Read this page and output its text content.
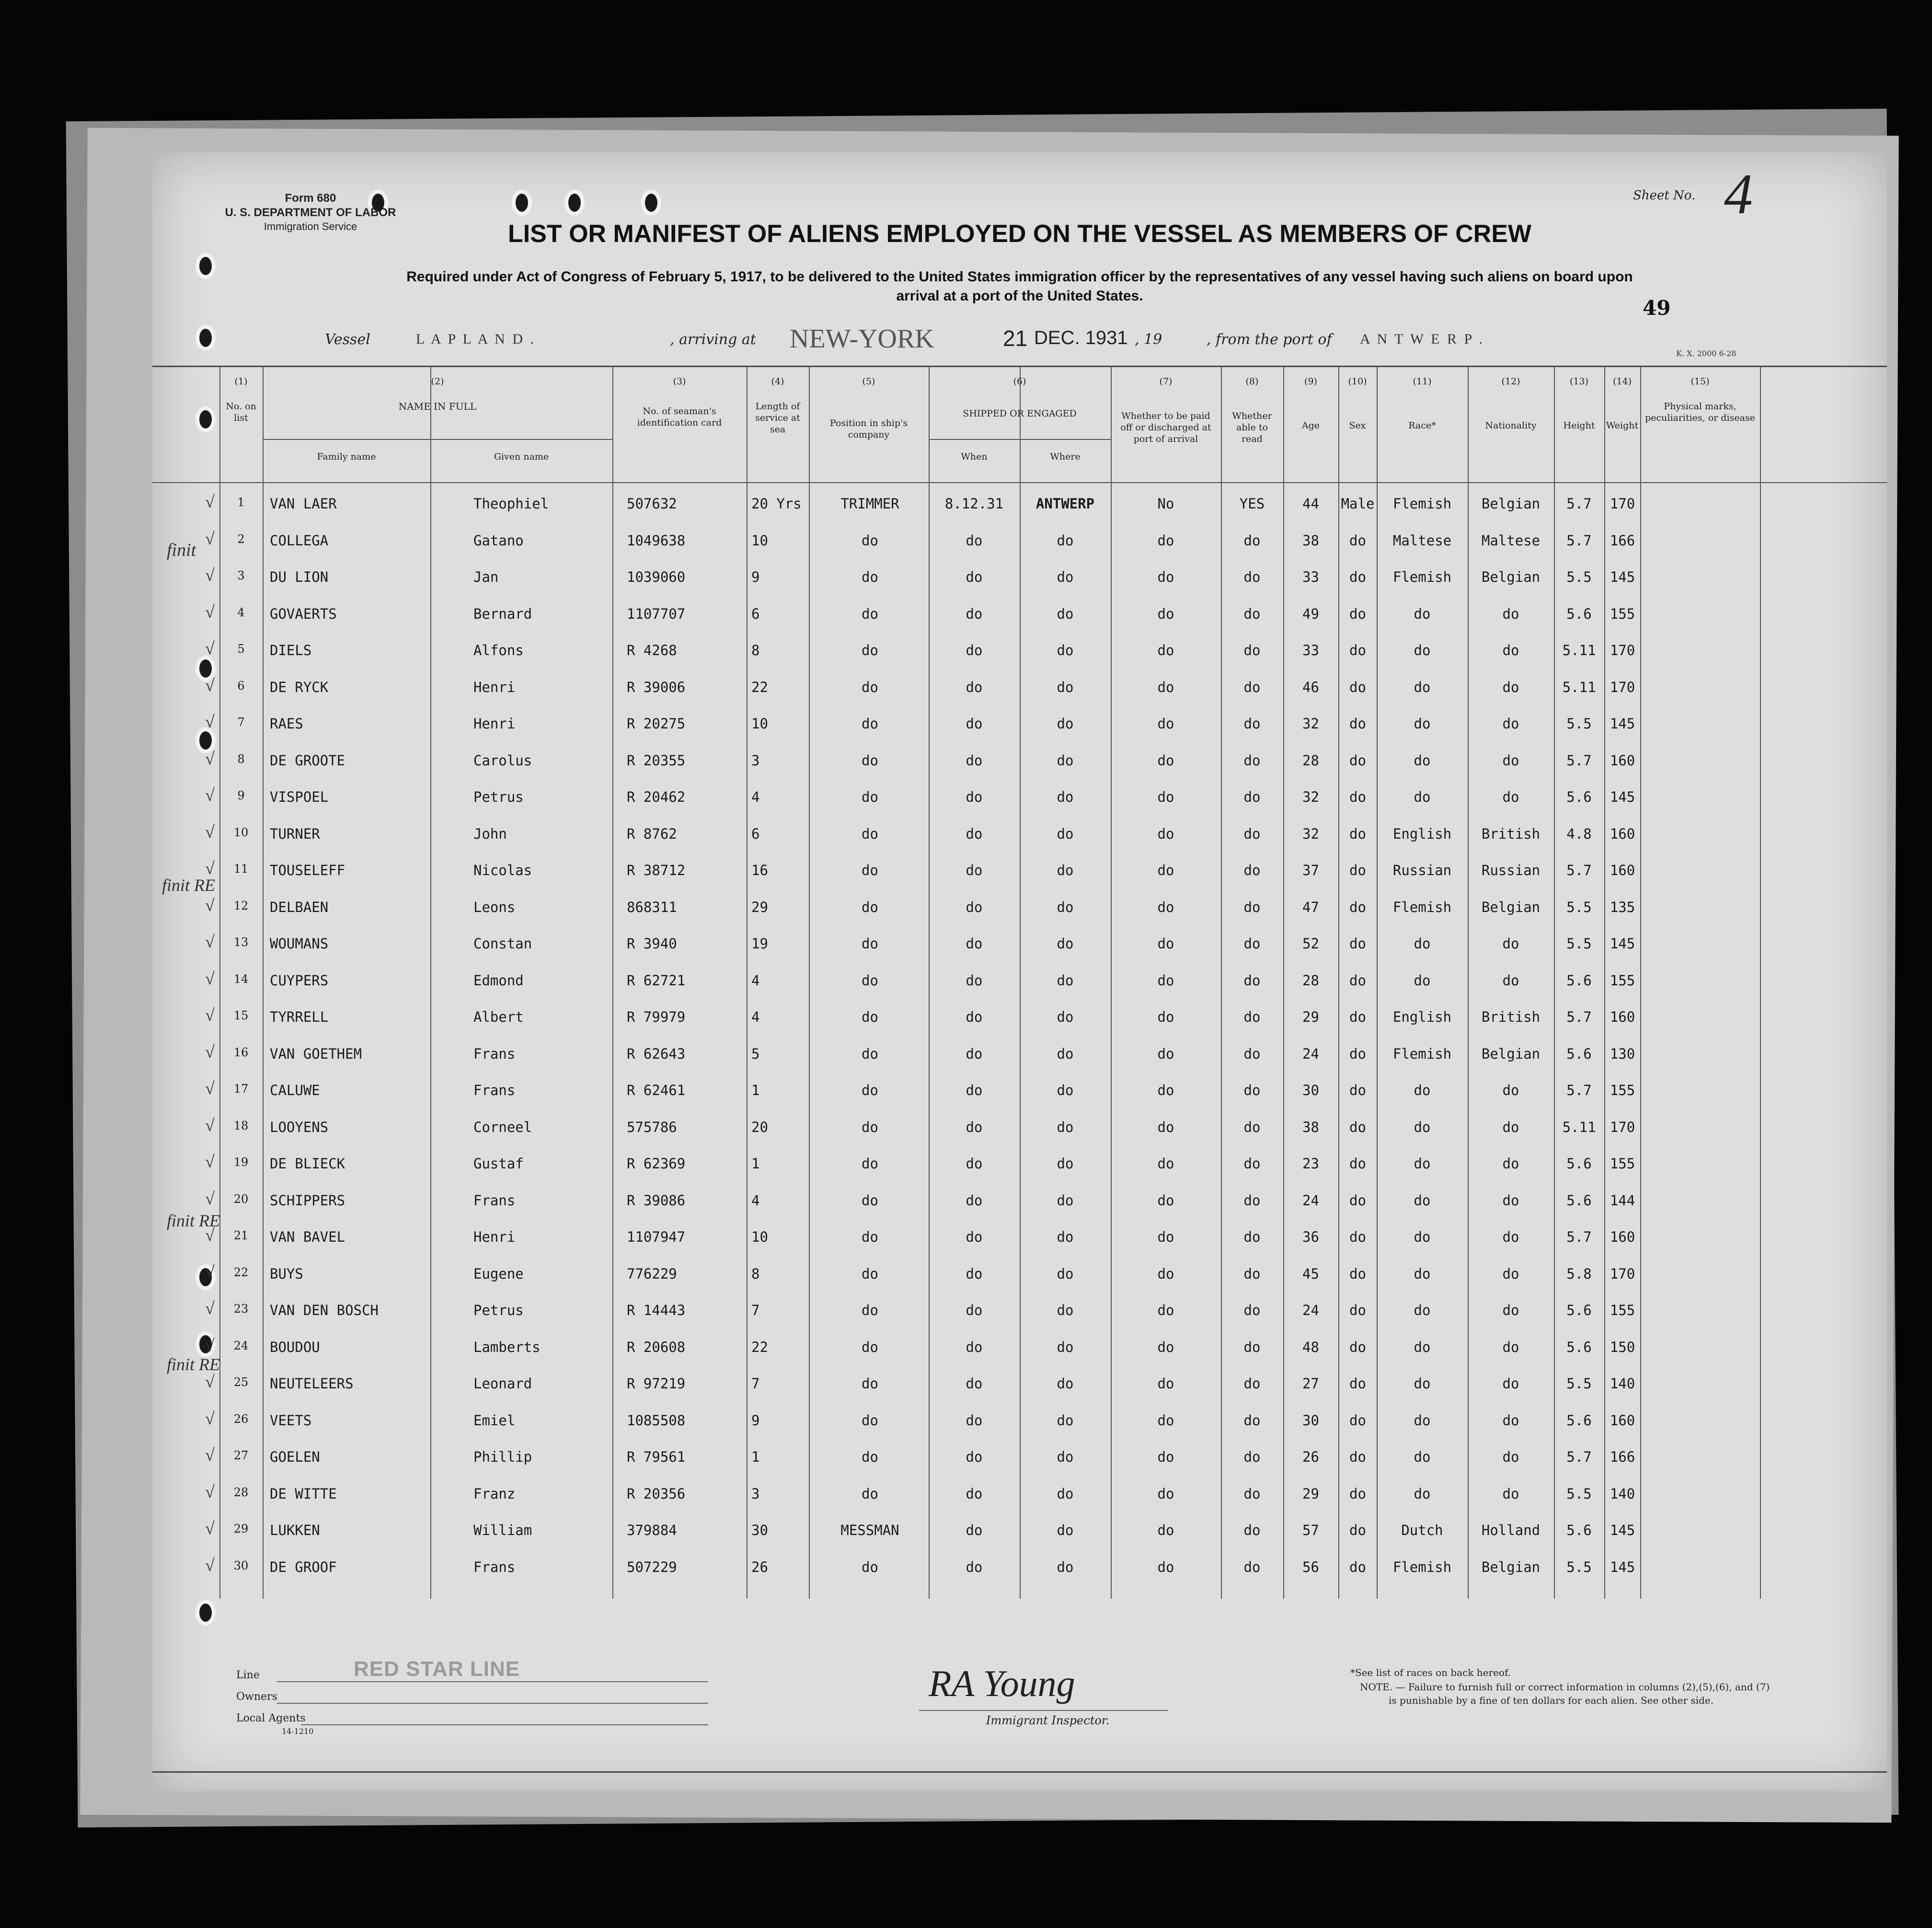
Form 680
U. S. DEPARTMENT OF LABOR
Immigration Service
Sheet No. 4
49
K. X. 2000 6-28
LIST OR MANIFEST OF ALIENS EMPLOYED ON THE VESSEL AS MEMBERS OF CREW
Required under Act of Congress of February 5, 1917, to be delivered to the United States immigration officer by the representatives of any vessel having such aliens on board upon
arrival at a port of the United States.
Vessel	L A P L A N D .	, arriving at NEW-YORK	21 DEC. 1931 , 19	, from the port of A N T W E R P .
(1)	(2)	(3)	(4)	(5)	(6)	(7)	(8)	(9)	(10)	(11)	(12)	(13)	(14)	(15)
No. on list
NAME IN FULL
Family name	Given name
No. of seaman's identification card
Length of service at sea
Position in ship's company
SHIPPED OR ENGAGED
When	Where
Whether to be paid off or discharged at port of arrival
Whether able to read
Age	Sex	Race*	Nationality	Height	Weight
Physical marks, peculiarities, or disease
√	1	VAN LAER	Theophiel	507632	20 Yrs	TRIMMER	8.12.31	ANTWERP	No	YES	44	Male	Flemish	Belgian	5.7	170
√	2	COLLEGA	Gatano	1049638	10	do	do	do	do	do	38	do	Maltese	Maltese	5.7	166
√	3	DU LION	Jan	1039060	9	do	do	do	do	do	33	do	Flemish	Belgian	5.5	145
√	4	GOVAERTS	Bernard	1107707	6	do	do	do	do	do	49	do	do	do	5.6	155
√	5	DIELS	Alfons	R 4268	8	do	do	do	do	do	33	do	do	do	5.11	170
√	6	DE RYCK	Henri	R 39006	22	do	do	do	do	do	46	do	do	do	5.11	170
√	7	RAES	Henri	R 20275	10	do	do	do	do	do	32	do	do	do	5.5	145
√	8	DE GROOTE	Carolus	R 20355	3	do	do	do	do	do	28	do	do	do	5.7	160
√	9	VISPOEL	Petrus	R 20462	4	do	do	do	do	do	32	do	do	do	5.6	145
√	10	TURNER	John	R 8762	6	do	do	do	do	do	32	do	English	British	4.8	160
√	11	TOUSELEFF	Nicolas	R 38712	16	do	do	do	do	do	37	do	Russian	Russian	5.7	160
√	12	DELBAEN	Leons	868311	29	do	do	do	do	do	47	do	Flemish	Belgian	5.5	135
√	13	WOUMANS	Constan	R 3940	19	do	do	do	do	do	52	do	do	do	5.5	145
√	14	CUYPERS	Edmond	R 62721	4	do	do	do	do	do	28	do	do	do	5.6	155
√	15	TYRRELL	Albert	R 79979	4	do	do	do	do	do	29	do	English	British	5.7	160
√	16	VAN GOETHEM	Frans	R 62643	5	do	do	do	do	do	24	do	Flemish	Belgian	5.6	130
√	17	CALUWE	Frans	R 62461	1	do	do	do	do	do	30	do	do	do	5.7	155
√	18	LOOYENS	Corneel	575786	20	do	do	do	do	do	38	do	do	do	5.11	170
√	19	DE BLIECK	Gustaf	R 62369	1	do	do	do	do	do	23	do	do	do	5.6	155
√	20	SCHIPPERS	Frans	R 39086	4	do	do	do	do	do	24	do	do	do	5.6	144
√	21	VAN BAVEL	Henri	1107947	10	do	do	do	do	do	36	do	do	do	5.7	160
√	22	BUYS	Eugene	776229	8	do	do	do	do	do	45	do	do	do	5.8	170
√	23	VAN DEN BOSCH	Petrus	R 14443	7	do	do	do	do	do	24	do	do	do	5.6	155
√	24	BOUDOU	Lamberts	R 20608	22	do	do	do	do	do	48	do	do	do	5.6	150
√	25	NEUTELEERS	Leonard	R 97219	7	do	do	do	do	do	27	do	do	do	5.5	140
√	26	VEETS	Emiel	1085508	9	do	do	do	do	do	30	do	do	do	5.6	160
√	27	GOELEN	Phillip	R 79561	1	do	do	do	do	do	26	do	do	do	5.7	166
√	28	DE WITTE	Franz	R 20356	3	do	do	do	do	do	29	do	do	do	5.5	140
√	29	LUKKEN	William	379884	30	MESSMAN	do	do	do	do	57	do	Dutch	Holland	5.6	145
√	30	DE GROOF	Frans	507229	26	do	do	do	do	do	56	do	Flemish	Belgian	5.5	145
finit
finit RE
finit RE
finit RE
Line	RED STAR LINE
Owners
Local Agents
14-1210
RA Young
Immigrant Inspector.
*See list of races on back hereof.
NOTE. — Failure to furnish full or correct information in columns (2),(5),(6), and (7)
is punishable by a fine of ten dollars for each alien. See other side.
